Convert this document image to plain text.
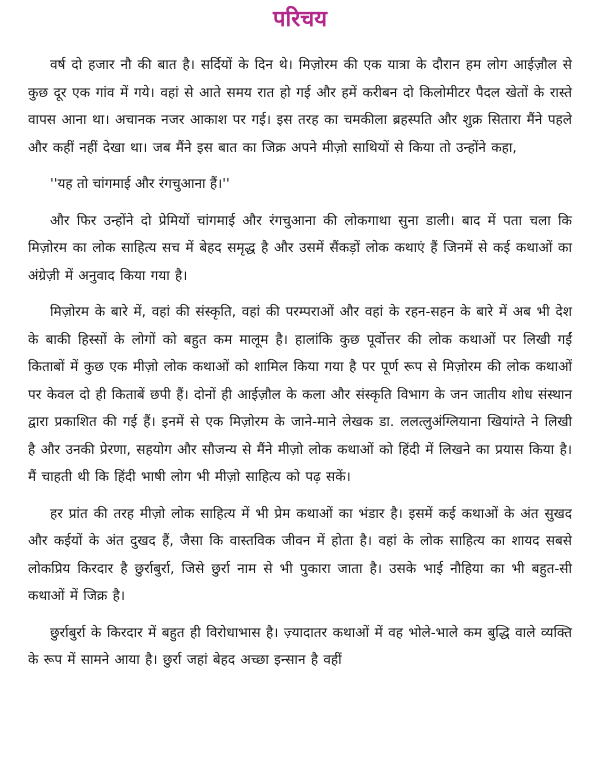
परिचय

वर्ष दो हजार नौ की बात है। सर्दियों के दिन थे। मिज़ोरम की एक यात्रा के दौरान हम लोग आईज़ौल से कुछ दूर एक गांव में गये। वहां से आते समय रात हो गई और हमें करीबन दो किलोमीटर पैदल खेतों के रास्ते वापस आना था। अचानक नजर आकाश पर गई। इस तरह का चमकीला ब्रहस्पति और शुक्र सितारा मैंने पहले और कहीं नहीं देखा था। जब मैंने इस बात का जिक्र अपने मीज़ो साथियों से किया तो उन्होंने कहा,

''यह तो चांगमाई और रंगचुआना हैं।''

और फिर उन्होंने दो प्रेमियों चांगमाई और रंगचुआना की लोकगाथा सुना डाली। बाद में पता चला कि मिज़ोरम का लोक साहित्य सच में बेहद समृद्ध है और उसमें सैंकड़ों लोक कथाएं हैं जिनमें से कई कथाओं का अंग्रेज़ी में अनुवाद किया गया है।

मिज़ोरम के बारे में, वहां की संस्कृति, वहां की परम्पराओं और वहां के रहन-सहन के बारे में अब भी देश के बाकी हिस्सों के लोगों को बहुत कम मालूम है। हालांकि कुछ पूर्वोत्तर की लोक कथाओं पर लिखी गईं किताबों में कुछ एक मीज़ो लोक कथाओं को शामिल किया गया है पर पूर्ण रूप से मिज़ोरम की लोक कथाओं पर केवल दो ही किताबें छपी हैं। दोनों ही आईज़ौल के कला और संस्कृति विभाग के जन जातीय शोध संस्थान द्वारा प्रकाशित की गई हैं। इनमें से एक मिज़ोरम के जाने-माने लेखक डा. ललत्लुअंग्लियाना खियांग्ते ने लिखी है और उनकी प्रेरणा, सहयोग और सौजन्य से मैंने मीज़ो लोक कथाओं को हिंदी में लिखने का प्रयास किया है। मैं चाहती थी कि हिंदी भाषी लोग भी मीज़ो साहित्य को पढ़ सकें।

हर प्रांत की तरह मीज़ो लोक साहित्य में भी प्रेम कथाओं का भंडार है। इसमें कई कथाओं के अंत सुखद और कईयों के अंत दुखद हैं, जैसा कि वास्तविक जीवन में होता है। वहां के लोक साहित्य का शायद सबसे लोकप्रिय किरदार है छुर्राबुर्रा, जिसे छुर्रा नाम से भी पुकारा जाता है। उसके भाई नौहिया का भी बहुत-सी कथाओं में जिक्र है।

छुर्राबुर्रा के किरदार में बहुत ही विरोधाभास है। ज़्यादातर कथाओं में वह भोले-भाले कम बुद्धि वाले व्यक्ति के रूप में सामने आया है। छुर्रा जहां बेहद अच्छा इन्सान है वहीं
